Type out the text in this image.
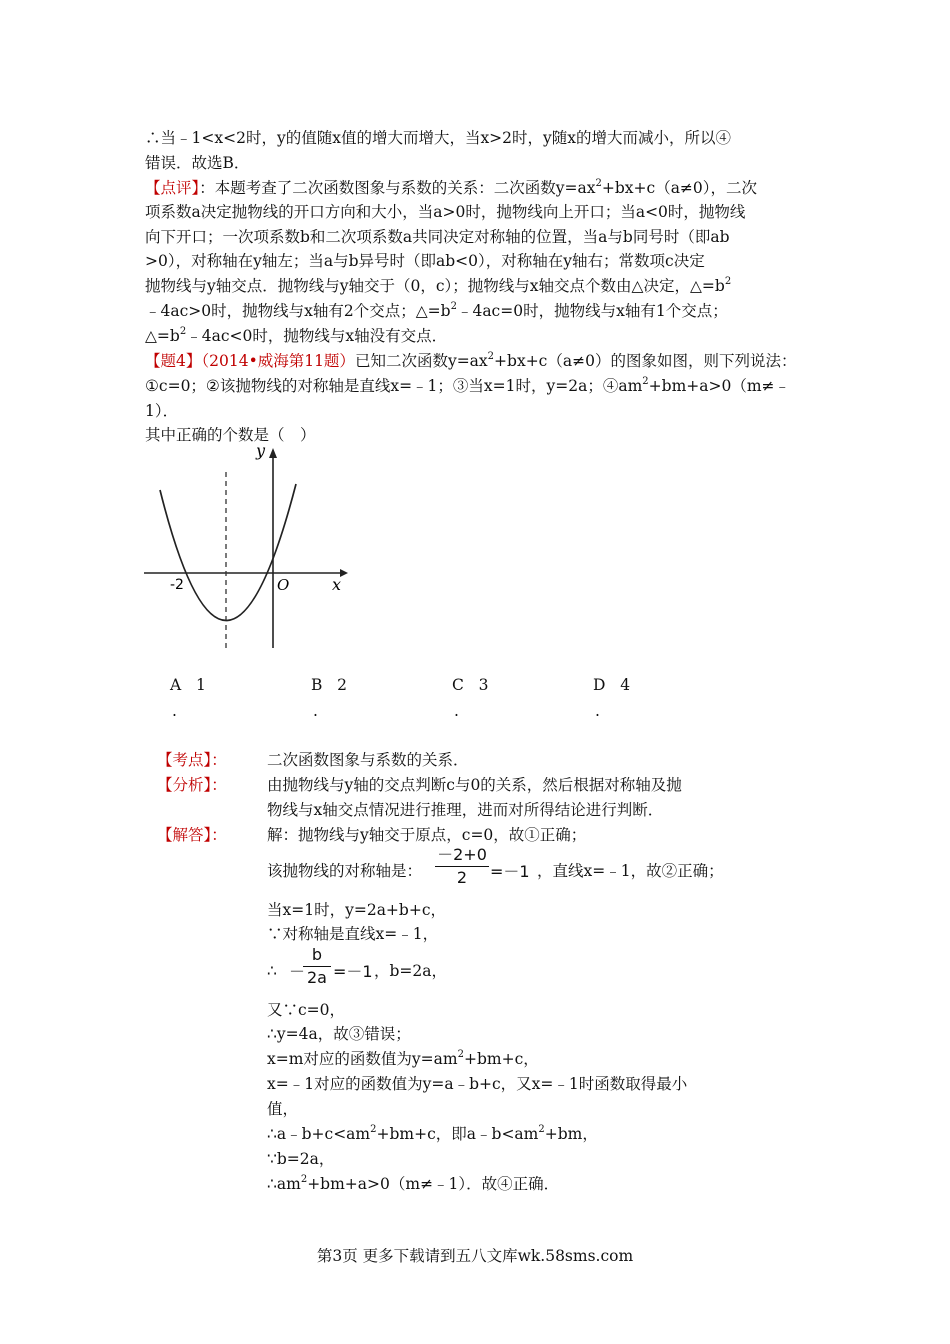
∴当﹣1<x<2时，y的值随x值的增大而增大，当x>2时，y随x的增大而减小，所以④
错误．故选B．
【点评】：本题考查了二次函数图象与系数的关系：二次函数$y=ax^2+bx+c(a\ne 0)$，二次
项系数a决定抛物线的开口方向和大小，当a>0时，抛物线向上开口；当a<0时，抛物线
向下开口；一次项系数b和二次项系数a共同决定对称轴的位置，当a与b同号时（即ab
>0），对称轴在y轴左；当a与b异号时（即ab<0），对称轴在y轴右；常数项c决定
抛物线与y轴交点．抛物线与y轴交于（0，c）；抛物线与x轴交点个数由△决定，$\triangle=b^2$
﹣4ac>0时，抛物线与x轴有2个交点；$\triangle=b^2﹣4ac=0$时，抛物线与x轴有1个交点；
$\triangle=b^2﹣4ac<0$时，抛物线与x轴没有交点．
【题4】（2014•威海第11题）已知二次函数$y=ax^2+bx+c(a\ne 0)$的图象如图，则下列说法：
①c=0；②该抛物线的对称轴是直线x=﹣1；③当x=1时，y=2a；$④am^2+bm+a>0(m\ne﹣$
1）．
其中正确的个数是（　）
y
x
O
-2
A 1	B 2	C 3	D 4
.	.	.	.
【考点】：	二次函数图象与系数的关系．
【分析】：	由抛物线与y轴的交点判断c与0的关系，然后根据对称轴及抛
物线与x轴交点情况进行推理，进而对所得结论进行判断．
【解答】：	解：抛物线与y轴交于原点，c=0，故①正确；
该抛物线的对称轴是：
－2+0
2	=－1 ，直线x=﹣1，故②正确；
当x=1时，y=2a+b+c，
∵对称轴是直线x=﹣1，
∴ －
b
2a =－1 ，b=2a，
又∵c=0，
∴y=4a，故③错误；
x=m对应的函数值为$y=am^2+bm+c$，
x=﹣1对应的函数值为y=a﹣b+c，又x=﹣1时函数取得最小
值，
$\therefore a﹣b+c<am^2+bm+c$，即$a﹣b<am^2+bm$，
∵b=2a，
$\therefore am^2+bm+a>0(m\ne﹣1)$．故④正确．
第3页 更多下载请到五八文库wk.58sms.com
